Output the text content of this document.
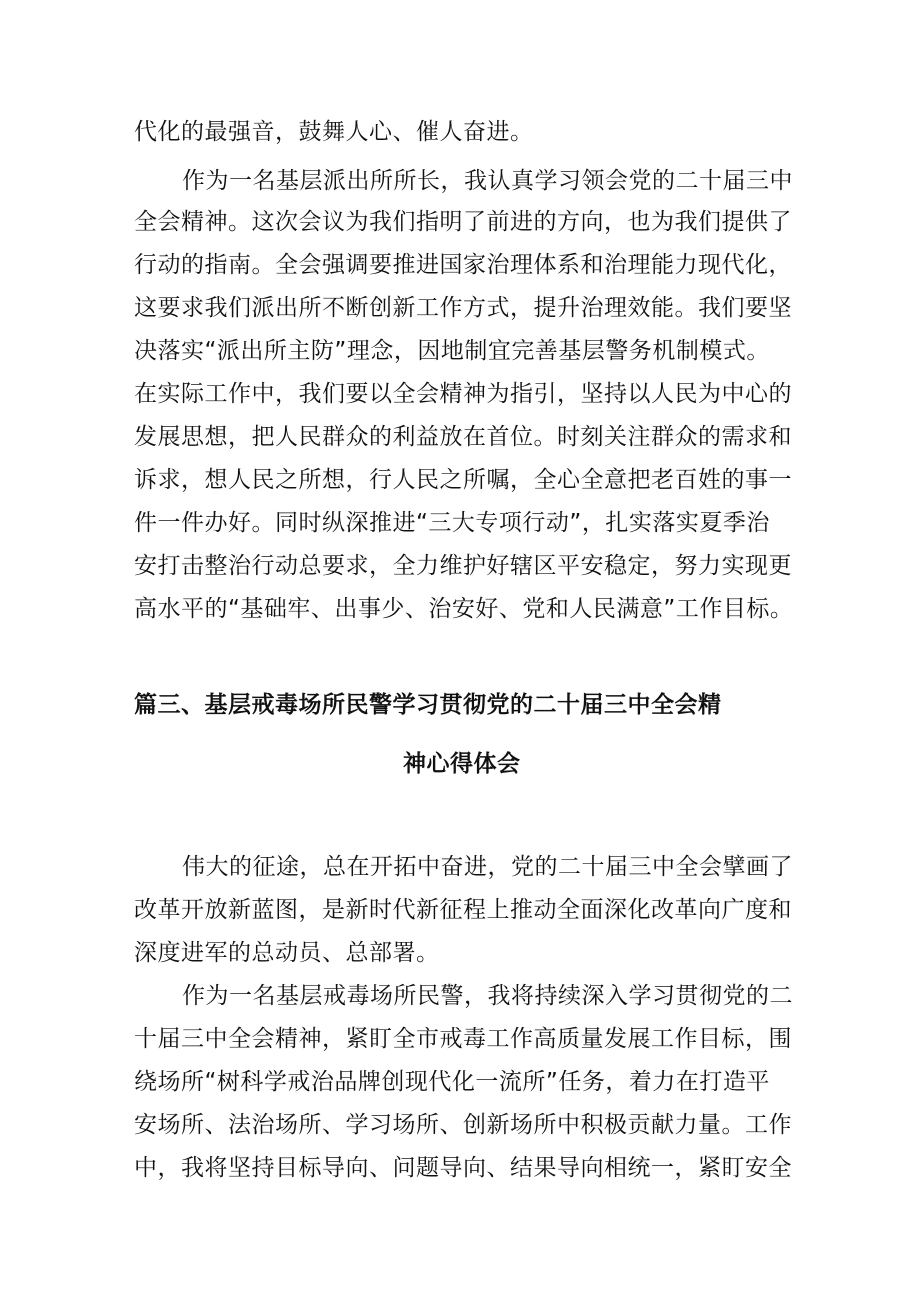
代化的最强音，鼓舞人心、催人奋进。
作为一名基层派出所所长，我认真学习领会党的二十届三中
全会精神。这次会议为我们指明了前进的方向，也为我们提供了
行动的指南。全会强调要推进国家治理体系和治理能力现代化，
这要求我们派出所不断创新工作方式，提升治理效能。我们要坚
决落实“派出所主防”理念，因地制宜完善基层警务机制模式。
在实际工作中，我们要以全会精神为指引，坚持以人民为中心的
发展思想，把人民群众的利益放在首位。时刻关注群众的需求和
诉求，想人民之所想，行人民之所嘱，全心全意把老百姓的事一
件一件办好。同时纵深推进“三大专项行动”，扎实落实夏季治
安打击整治行动总要求，全力维护好辖区平安稳定，努力实现更
高水平的“基础牢、出事少、治安好、党和人民满意”工作目标。
篇三、基层戒毒场所民警学习贯彻党的二十届三中全会精
神心得体会
伟大的征途，总在开拓中奋进，党的二十届三中全会擘画了
改革开放新蓝图，是新时代新征程上推动全面深化改革向广度和
深度进军的总动员、总部署。
作为一名基层戒毒场所民警，我将持续深入学习贯彻党的二
十届三中全会精神，紧盯全市戒毒工作高质量发展工作目标，围
绕场所“树科学戒治品牌创现代化一流所”任务，着力在打造平
安场所、法治场所、学习场所、创新场所中积极贡献力量。工作
中，我将坚持目标导向、问题导向、结果导向相统一，紧盯安全
